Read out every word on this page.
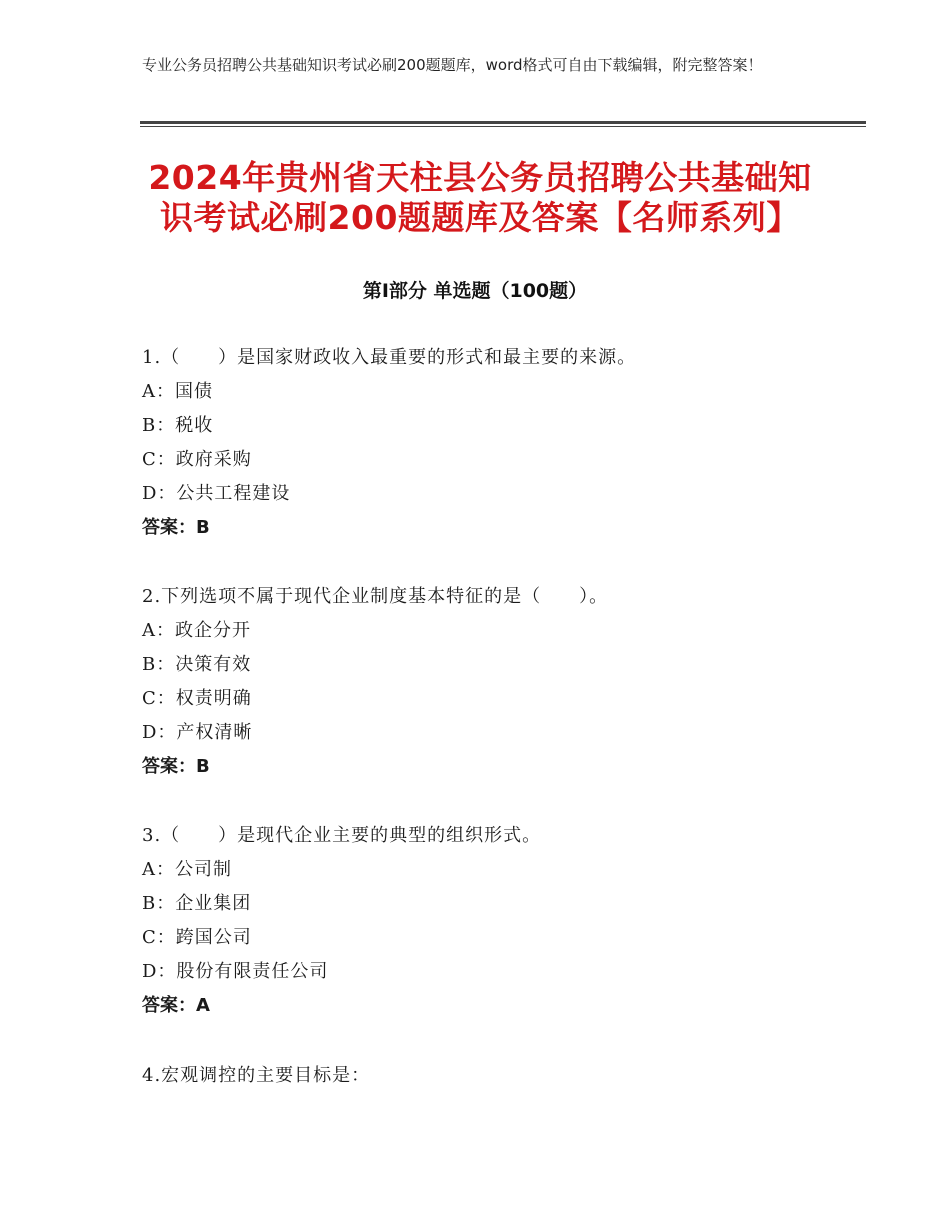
专业公务员招聘公共基础知识考试必刷200题题库，word格式可自由下载编辑，附完整答案！
2024年贵州省天柱县公务员招聘公共基础知识考试必刷200题题库及答案【名师系列】
第Ⅰ部分 单选题（100题）
1.（　　）是国家财政收入最重要的形式和最主要的来源。
A：国债
B：税收
C：政府采购
D：公共工程建设
答案：B
2.下列选项不属于现代企业制度基本特征的是（　　）。
A：政企分开
B：决策有效
C：权责明确
D：产权清晰
答案：B
3.（　　）是现代企业主要的典型的组织形式。
A：公司制
B：企业集团
C：跨国公司
D：股份有限责任公司
答案：A
4.宏观调控的主要目标是：
